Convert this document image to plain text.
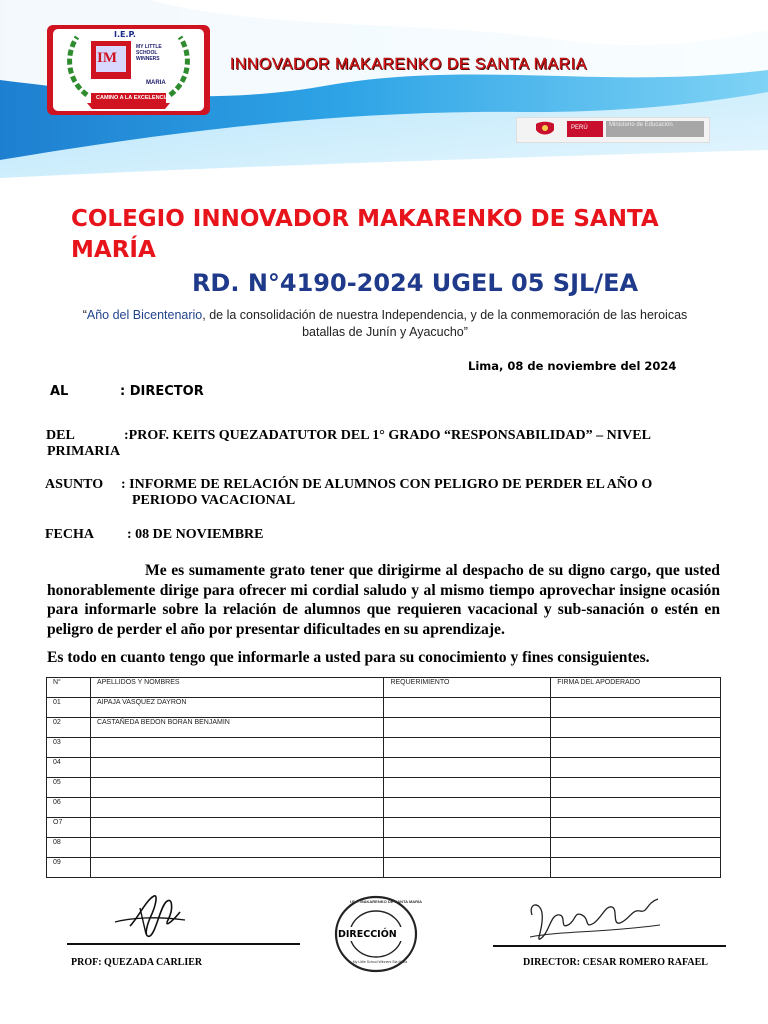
I.E.P.
IM
MY LITTLE SCHOOL WINNERS
MARIA
CAMINO A LA EXCELENCIA
INNOVADOR MAKARENKO DE SANTA MARIA
PERÚ	Ministerio de Educación
COLEGIO INNOVADOR MAKARENKO DE SANTA MARÍA
RD. N°4190-2024 UGEL 05 SJL/EA
“Año del Bicentenario, de la consolidación de nuestra Independencia, y de la conmemoración de las heroicas batallas de Junín y Ayacucho”
Lima, 08 de noviembre del 2024
AL	: DIRECTOR
DEL	:PROF. KEITS QUEZADATUTOR DEL 1° GRADO “RESPONSABILIDAD” – NIVEL
PRIMARIA
ASUNTO : INFORME DE RELACIÓN DE ALUMNOS CON PELIGRO DE PERDER EL AÑO O
PERIODO VACACIONAL
FECHA : 08 DE NOVIEMBRE
Me es sumamente grato tener que dirigirme al despacho de su digno cargo, que usted honorablemente dirige para ofrecer mi cordial saludo y al mismo tiempo aprovechar insigne ocasión para informarle sobre la relación de alumnos que requieren vacacional y sub-sanación o estén en peligro de perder el año por presentar dificultades en su aprendizaje.
Es todo en cuanto tengo que informarle a usted para su conocimiento y fines consiguientes.
N°	APELLIDOS Y NOMBRES	REQUERIMIENTO	FIRMA DEL APODERADO
01	AIPAJA VASQUEZ DAYRON		
02	CASTAÑEDA BEDON BORAN BENJAMIN		
03			
04			
05			
06			
O7			
08			
09			
PROF: QUEZADA CARLIER
DIRECCIÓN
I.E.P. MAKARENKO DE SANTA MARÍA
My Little School Winners Sta Maria	DIRECTOR: CESAR ROMERO RAFAEL
